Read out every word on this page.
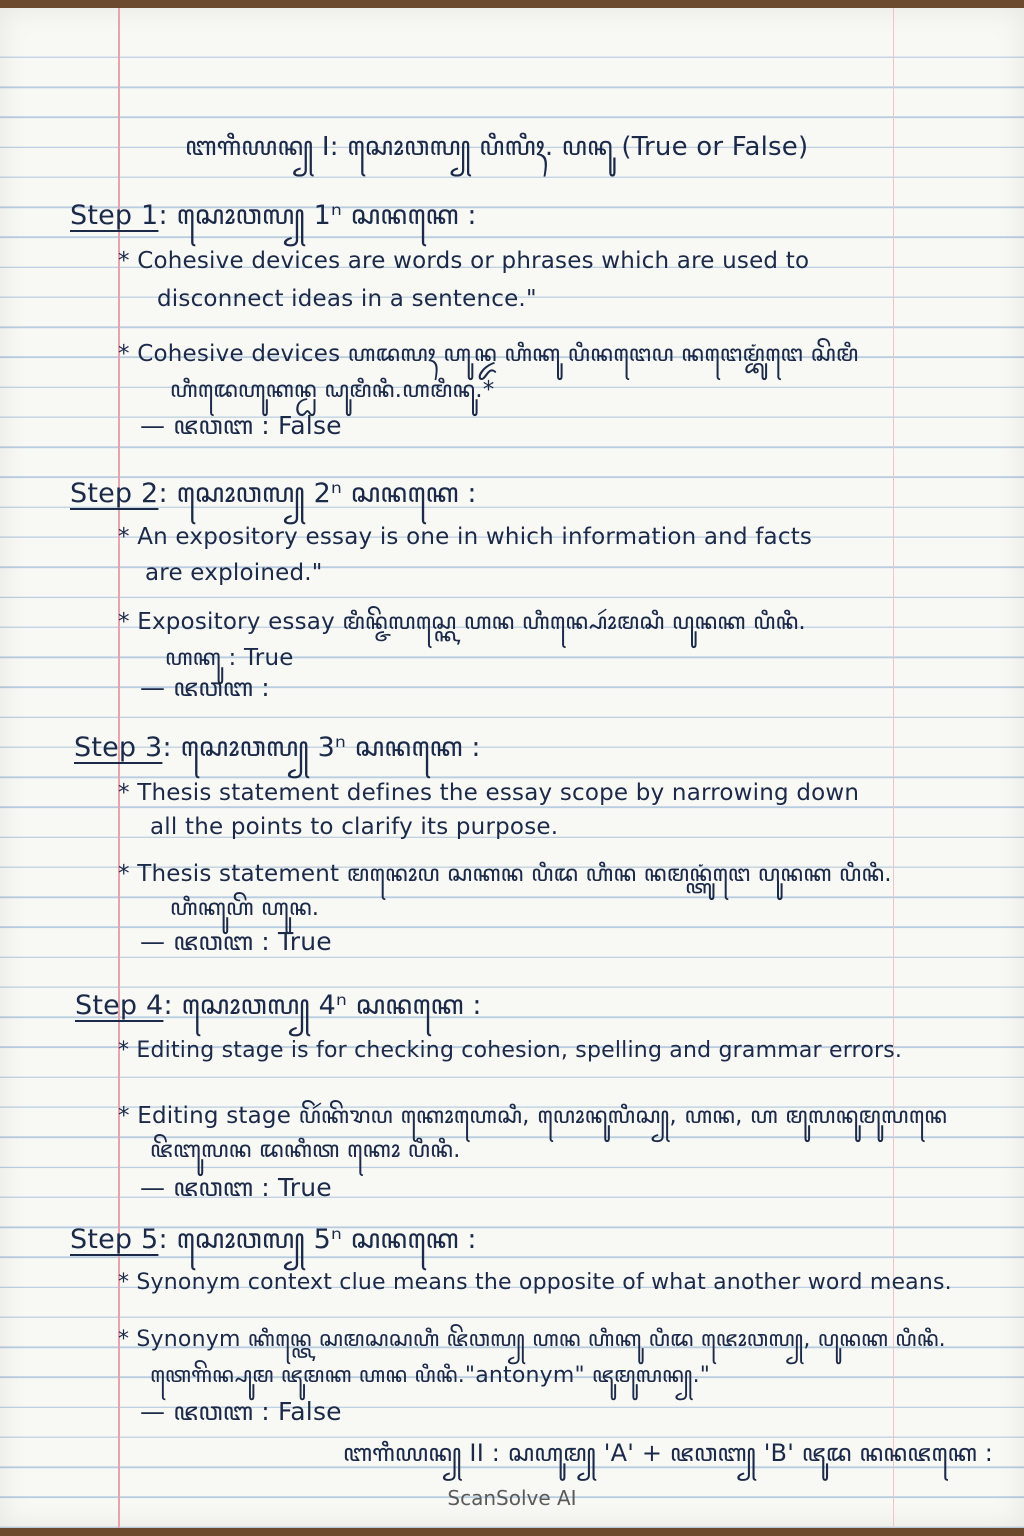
ꦧꦒꦶꦪꦤ꧀ I: ꦱꦺꦴꦮꦭ꧀ ꦥꦶꦭꦶꦃ. ꦥꦤꦸ (True or False)
Step 1: ꦱꦺꦴꦮꦭ꧀ 1ⁿ ꦱꦤꦏꦺ :
* Cohesive devices are words or phrases which are used to
disconnect ideas in a sentence."
* Cohesive devices ꦲꦢꦭꦃ ꦲꦸꦤ꧀ꦢ ꦲꦶꦏꦸ ꦥꦶꦤꦔꦺꦥ ꦤꦔꦺꦩ꧀ꦧꦸꦁꦔꦺ ꦱꦼꦩꦶ
ꦲꦶꦢꦺꦲꦸꦏꦤ꧀ꦝ ꦝꦸꦩꦶꦤꦶ.ꦲꦩꦶꦤꦸ.*
— ꦗꦮꦧ : False
Step 2: ꦱꦺꦴꦮꦭ꧀ 2ⁿ ꦱꦤꦏꦺ :
* An expository essay is one in which information and facts
are exploined."
* Expository essay ꦩꦶꦤ꧀ꦗꦼꦭꦱ꧀ꦏꦺ ꦲꦤ ꦲꦶꦤ꧀ꦥꦺꦴꦂꦩꦱꦶ ꦥꦸꦤꦏ ꦥꦶꦤꦶ.
ꦲꦏꦸ : True
— ꦗꦮꦧ :
Step 3: ꦱꦺꦴꦮꦭ꧀ 3ⁿ ꦱꦤꦏꦺ :
* Thesis statement defines the essay scope by narrowing down
all the points to clarify its purpose.
* Thesis statement ꦩꦤꦺꦴꦥ ꦱꦏꦤ ꦥꦶꦢ ꦲꦶꦤ ꦤꦩꦤ꧀ꦠꦸꦁꦔꦺ ꦥꦸꦤꦏ ꦥꦶꦤꦶ.
ꦲꦶꦏꦸꦲꦼ ꦲꦸꦤ.
— ꦗꦮꦧ : True
Step 4: ꦱꦺꦴꦮꦭ꧀ 4ⁿ ꦱꦤꦏꦺ :
* Editing stage is for checking cohesion, spelling and grammar errors.
* Editing stage ꦥꦼꦂꦏꦼꦫꦥ ꦏꦺꦴꦲꦺꦱꦶ, ꦥꦺꦴꦤꦸꦭꦶꦱ꧀, ꦲꦤ, ꦲ ꦩꦸꦭꦤꦸꦩꦸꦭꦤꦺ
ꦗꦼꦧꦸꦭꦤ ꦢꦏꦶꦠ ꦏꦺꦴ ꦥꦶꦤꦶ.
— ꦗꦮꦧ : True
Step 5: ꦱꦺꦴꦮꦭ꧀ 5ⁿ ꦱꦤꦏꦺ :
* Synonym context clue means the opposite of what another word means.
* Synonym ꦏꦶꦤ꧀ꦠꦺ ꦱꦩꦱꦱꦲꦶ ꦗꦼꦮꦭ꧀ ꦲꦤ ꦲꦶꦏꦸ ꦥꦶꦢ ꦗꦺꦴꦮꦭ꧀, ꦥꦸꦤꦏ ꦥꦶꦤꦶ.
ꦠꦺꦒꦼꦤ꧀ꦥꦸꦩ ꦗꦸꦩꦏ ꦲꦤ ꦥꦶꦤꦶ."antonym" ꦗꦸꦩꦸꦭꦤ꧀."
— ꦗꦮꦧ : False
ꦧꦒꦶꦪꦤ꧀ II : ꦱꦲꦸꦩ꧀ 'A' + ꦗꦮꦧ꧀ 'B' ꦗꦸꦢ ꦤꦤꦗꦏꦺ :
ScanSolve AI
